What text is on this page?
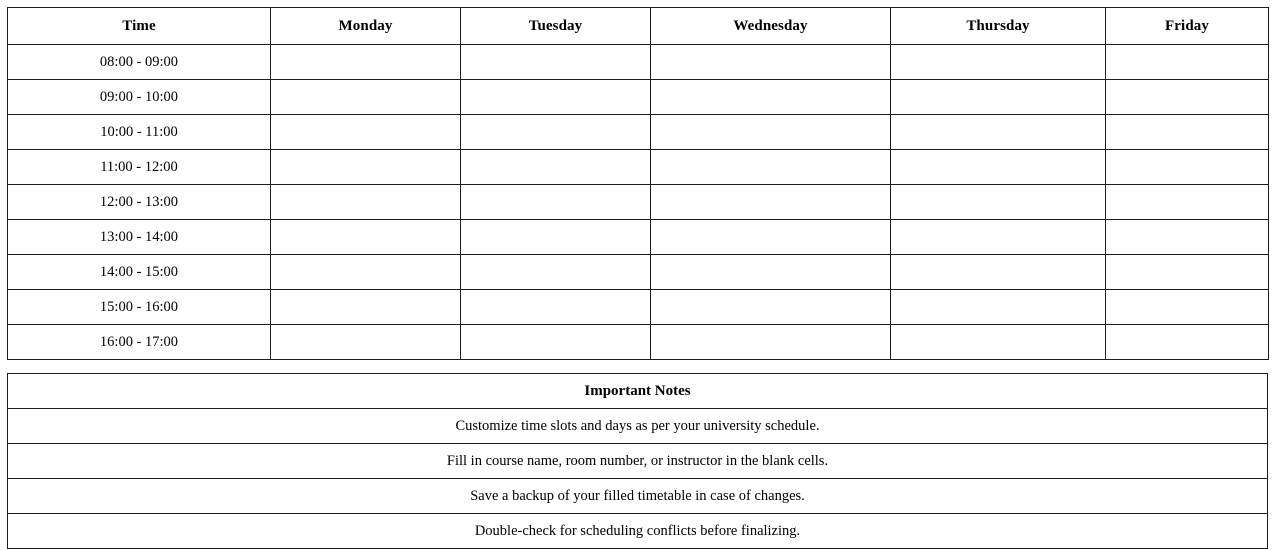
Time	Monday	Tuesday	Wednesday	Thursday	Friday
08:00 - 09:00					
09:00 - 10:00					
10:00 - 11:00					
11:00 - 12:00					
12:00 - 13:00					
13:00 - 14:00					
14:00 - 15:00					
15:00 - 16:00					
16:00 - 17:00					
Important Notes
Customize time slots and days as per your university schedule.
Fill in course name, room number, or instructor in the blank cells.
Save a backup of your filled timetable in case of changes.
Double-check for scheduling conflicts before finalizing.
